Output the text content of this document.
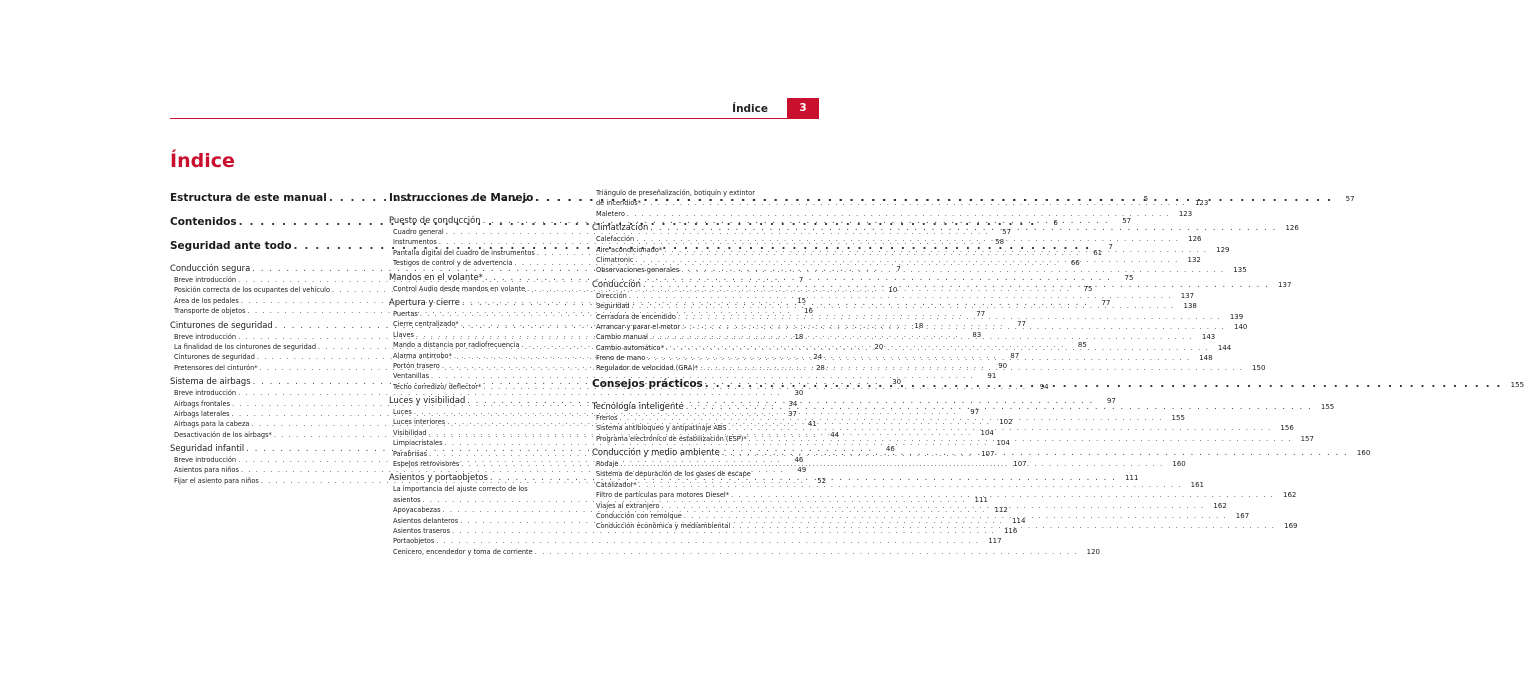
Índice	3
Índice
Estructura de este manual . . .	5
Contenidos . . .	6
Seguridad ante todo . . .	7
Conducción segura . . .	7
Breve introducción . . .	7
Posición correcta de los ocupantes del vehículo . . .	10
Área de los pedales . . .	15
Transporte de objetos . . .	16
Cinturones de seguridad . . .	18
Breve introducción . . .	18
La finalidad de los cinturones de seguridad . . .	20
Cinturones de seguridad . . .	24
Pretensores del cinturón* . . .	28
Sistema de airbags . . .	30
Breve introducción . . .	30
Airbags frontales . . .	34
Airbags laterales . . .	37
Airbags para la cabeza . . .	41
Desactivación de los airbags* . . .	44
Seguridad infantil . . .	46
Breve introducción . . .	46
Asientos para niños . . .	49
Fijar el asiento para niños . . .	52
Instrucciones de Manejo . . .	57
Puesto de conducción . . .	57
Cuadro general . . .	57
Instrumentos . . .	58
Pantalla digital del cuadro de instrumentos . . .	61
Testigos de control y de advertencia . . .	66
Mandos en el volante* . . .	75
Control Audio desde mandos en volante . . .	75
Apertura y cierre . . .	77
Puertas . . .	77
Cierre centralizado* . . .	77
Llaves . . .	83
Mando a distancia por radiofrecuencia . . .	85
Alarma antirrobo* . . .	87
Portón trasero . . .	90
Ventanillas . . .	91
Techo corredizo/ deflector* . . .	94
Luces y visibilidad . . .	97
Luces . . .	97
Luces interiores . . .	102
Visibilidad . . .	104
Limpiacristales . . .	104
Parabrisas . . .	107
Espejos retrovisores . . .	107
Asientos y portaobjetos . . .	111
La importancia del ajuste correcto de los
asientos . . .	111
Apoyacabezas . . .	112
Asientos delanteros . . .	114
Asientos traseros . . .	116
Portaobjetos . . .	117
Cenicero, encendedor y toma de corriente . . .	120
Triángulo de preseñalización, botiquín y extintor
de incendios* . . .	123
Maletero . . .	123
Climatización . . .	126
Calefacción . . .	126
Aire acondicionado* . . .	129
Climatronic . . .	132
Observaciones generales . . .	135
Conducción . . .	137
Dirección . . .	137
Seguridad . . .	138
Cerradura de encendido . . .	139
Arrancar y parar el motor . . .	140
Cambio manual . . .	143
Cambio automático* . . .	144
Freno de mano . . .	148
Regulador de velocidad (GRA)* . . .	150
Consejos prácticos . . .	155
Tecnología inteligente . . .	155
Frenos . . .	155
Sistema antibloqueo y antipatinaje ABS . . .	156
Programa electrónico de estabilización (ESP)* . . .	157
Conducción y medio ambiente . . .	160
Rodaje . . .	160
Sistema de depuración de los gases de escape
Catalizador* . . .	161
Filtro de partículas para motores Diesel* . . .	162
Viajes al extranjero . . .	162
Conducción con remolque . . .	167
Conducción económica y mediambiental . . .	169
